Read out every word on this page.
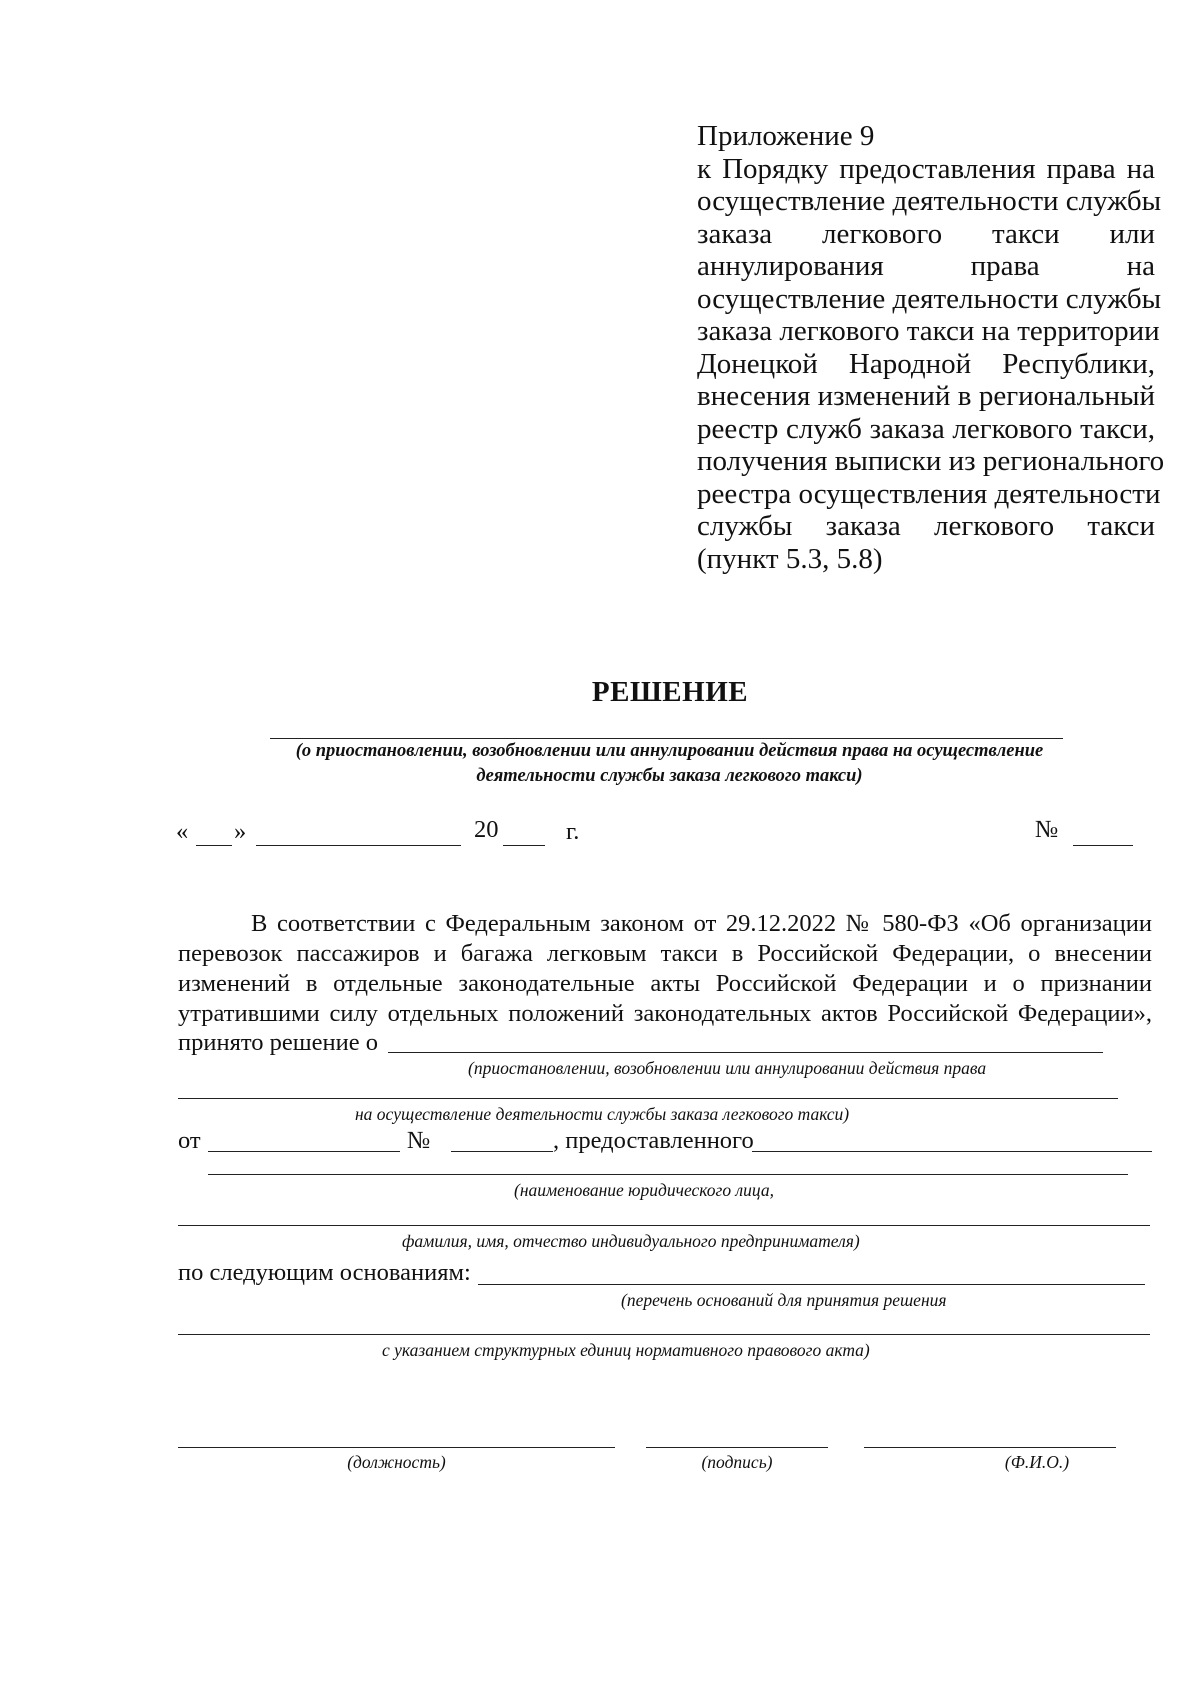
Приложение 9
к Порядку предоставления права на
осуществление деятельности службы
заказа легкового такси или
аннулирования права на
осуществление деятельности службы
заказа легкового такси на территории
Донецкой Народной Республики,
внесения изменений в региональный
реестр служб заказа легкового такси,
получения выписки из регионального
реестра осуществления деятельности
службы заказа легкового такси
(пункт 5.3, 5.8)
РЕШЕНИЕ
(о приостановлении, возобновлении или аннулировании действия права на осуществление
деятельности службы заказа легкового такси)
« »	20	г.	№
В соответствии с Федеральным законом от 29.12.2022 № 580-ФЗ «Об организации
перевозок пассажиров и багажа легковым такси в Российской Федерации, о внесении
изменений в отдельные законодательные акты Российской Федерации и о признании
утратившими силу отдельных положений законодательных актов Российской Федерации»,
принято решение о
(приостановлении, возобновлении или аннулировании действия права
на осуществление деятельности службы заказа легкового такси)
от	№	, предоставленного
(наименование юридического лица,
фамилия, имя, отчество индивидуального предпринимателя)
по следующим основаниям:
(перечень оснований для принятия решения
с указанием структурных единиц нормативного правового акта)
(должность)	(подпись)	(Ф.И.О.)
